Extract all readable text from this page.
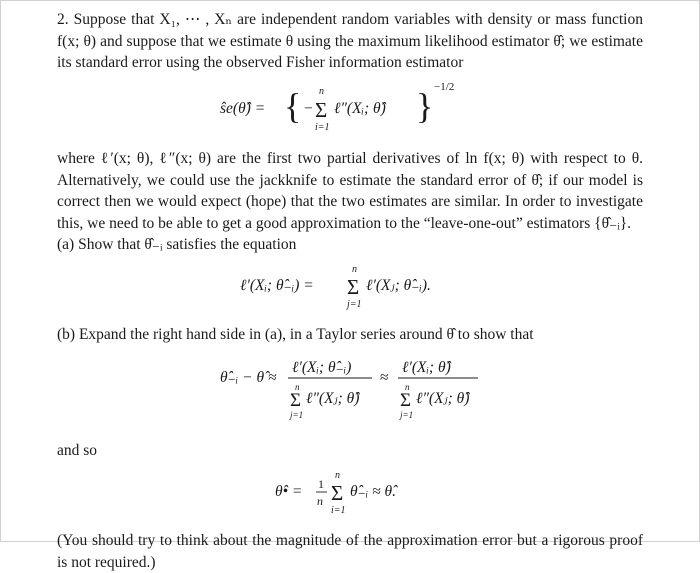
2. Suppose that X₁, ⋯ , Xₙ are independent random variables with density or mass function f(x; θ) and suppose that we estimate θ using the maximum likelihood estimator θ̂; we estimate its standard error using the observed Fisher information estimator

ŝe(θ̂) = { −
n
Σ
i=1
ℓ″(Xᵢ; θ̂) } −1/2

where ℓ′(x; θ), ℓ″(x; θ) are the first two partial derivatives of ln f(x; θ) with respect to θ. Alternatively, we could use the jackknife to estimate the standard error of θ̂; if our model is correct then we would expect (hope) that the two estimates are similar. In order to investigate this, we need to be able to get a good approximation to the “leave-one-out” estimators {θ̂₋ᵢ}.

(a) Show that θ̂₋ᵢ satisfies the equation

ℓ′(Xᵢ; θ̂₋ᵢ) =
n
Σ
j=1
ℓ′(Xⱼ; θ̂₋ᵢ).

(b) Expand the right hand side in (a), in a Taylor series around θ̂ to show that

θ̂₋ᵢ − θ̂ ≈
ℓ′(Xᵢ; θ̂₋ᵢ)
n
Σ
j=1
ℓ″(Xⱼ; θ̂)
≈
ℓ′(Xᵢ; θ̂)
n
Σ
j=1
ℓ″(Xⱼ; θ̂)

and so

θ̂• = 1
n
n
Σ
i=1
θ̂₋ᵢ ≈ θ̂.

(You should try to think about the magnitude of the approximation error but a rigorous proof is not required.)
